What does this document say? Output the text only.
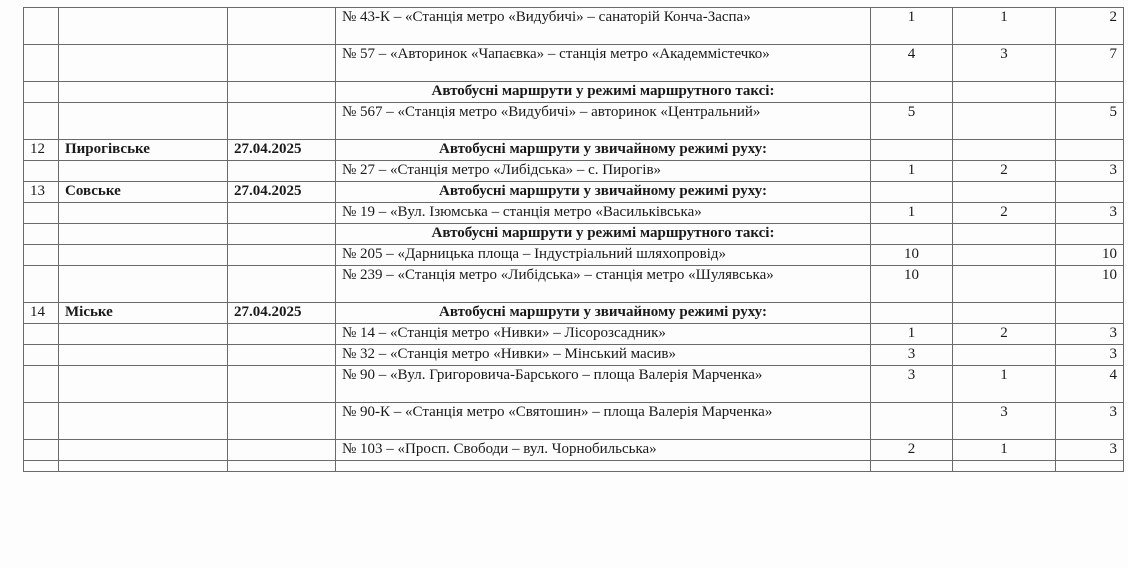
			№ 43-К – «Станція метро «Видубичі» – санаторій Конча-Заспа»	1	1	2

			№ 57 – «Авторинок «Чапаєвка» – станція метро «Академмістечко»	4	3	7
			Автобусні маршрути у режимі маршрутного таксі:			

			№ 567 – «Станція метро «Видубичі» – авторинок «Центральний»	5		5
12	Пирогівське	27.04.2025	Автобусні маршрути у звичайному режимі руху:			

			№ 27 – «Станція метро «Либідська» – с. Пирогів»	1	2	3
13	Совське	27.04.2025	Автобусні маршрути у звичайному режимі руху:			

			№ 19 – «Вул. Ізюмська – станція метро «Васильківська»	1	2	3
			Автобусні маршрути у режимі маршрутного таксі:			

			№ 205 – «Дарницька площа – Індустріальний шляхопровід»	10		10

			№ 239 – «Станція метро «Либідська» – станція метро «Шулявська»	10		10
14	Міське	27.04.2025	Автобусні маршрути у звичайному режимі руху:			

			№ 14 – «Станція метро «Нивки» – Лісорозсадник»	1	2	3

			№ 32 – «Станція метро «Нивки» – Мінський масив»	3		3

			№ 90 – «Вул. Григоровича-Барського – площа Валерія Марченка»	3	1	4

			№ 90-К – «Станція метро «Святошин» – площа Валерія Марченка»		3	3

			№ 103 – «Просп. Свободи – вул. Чорнобильська»	2	1	3
